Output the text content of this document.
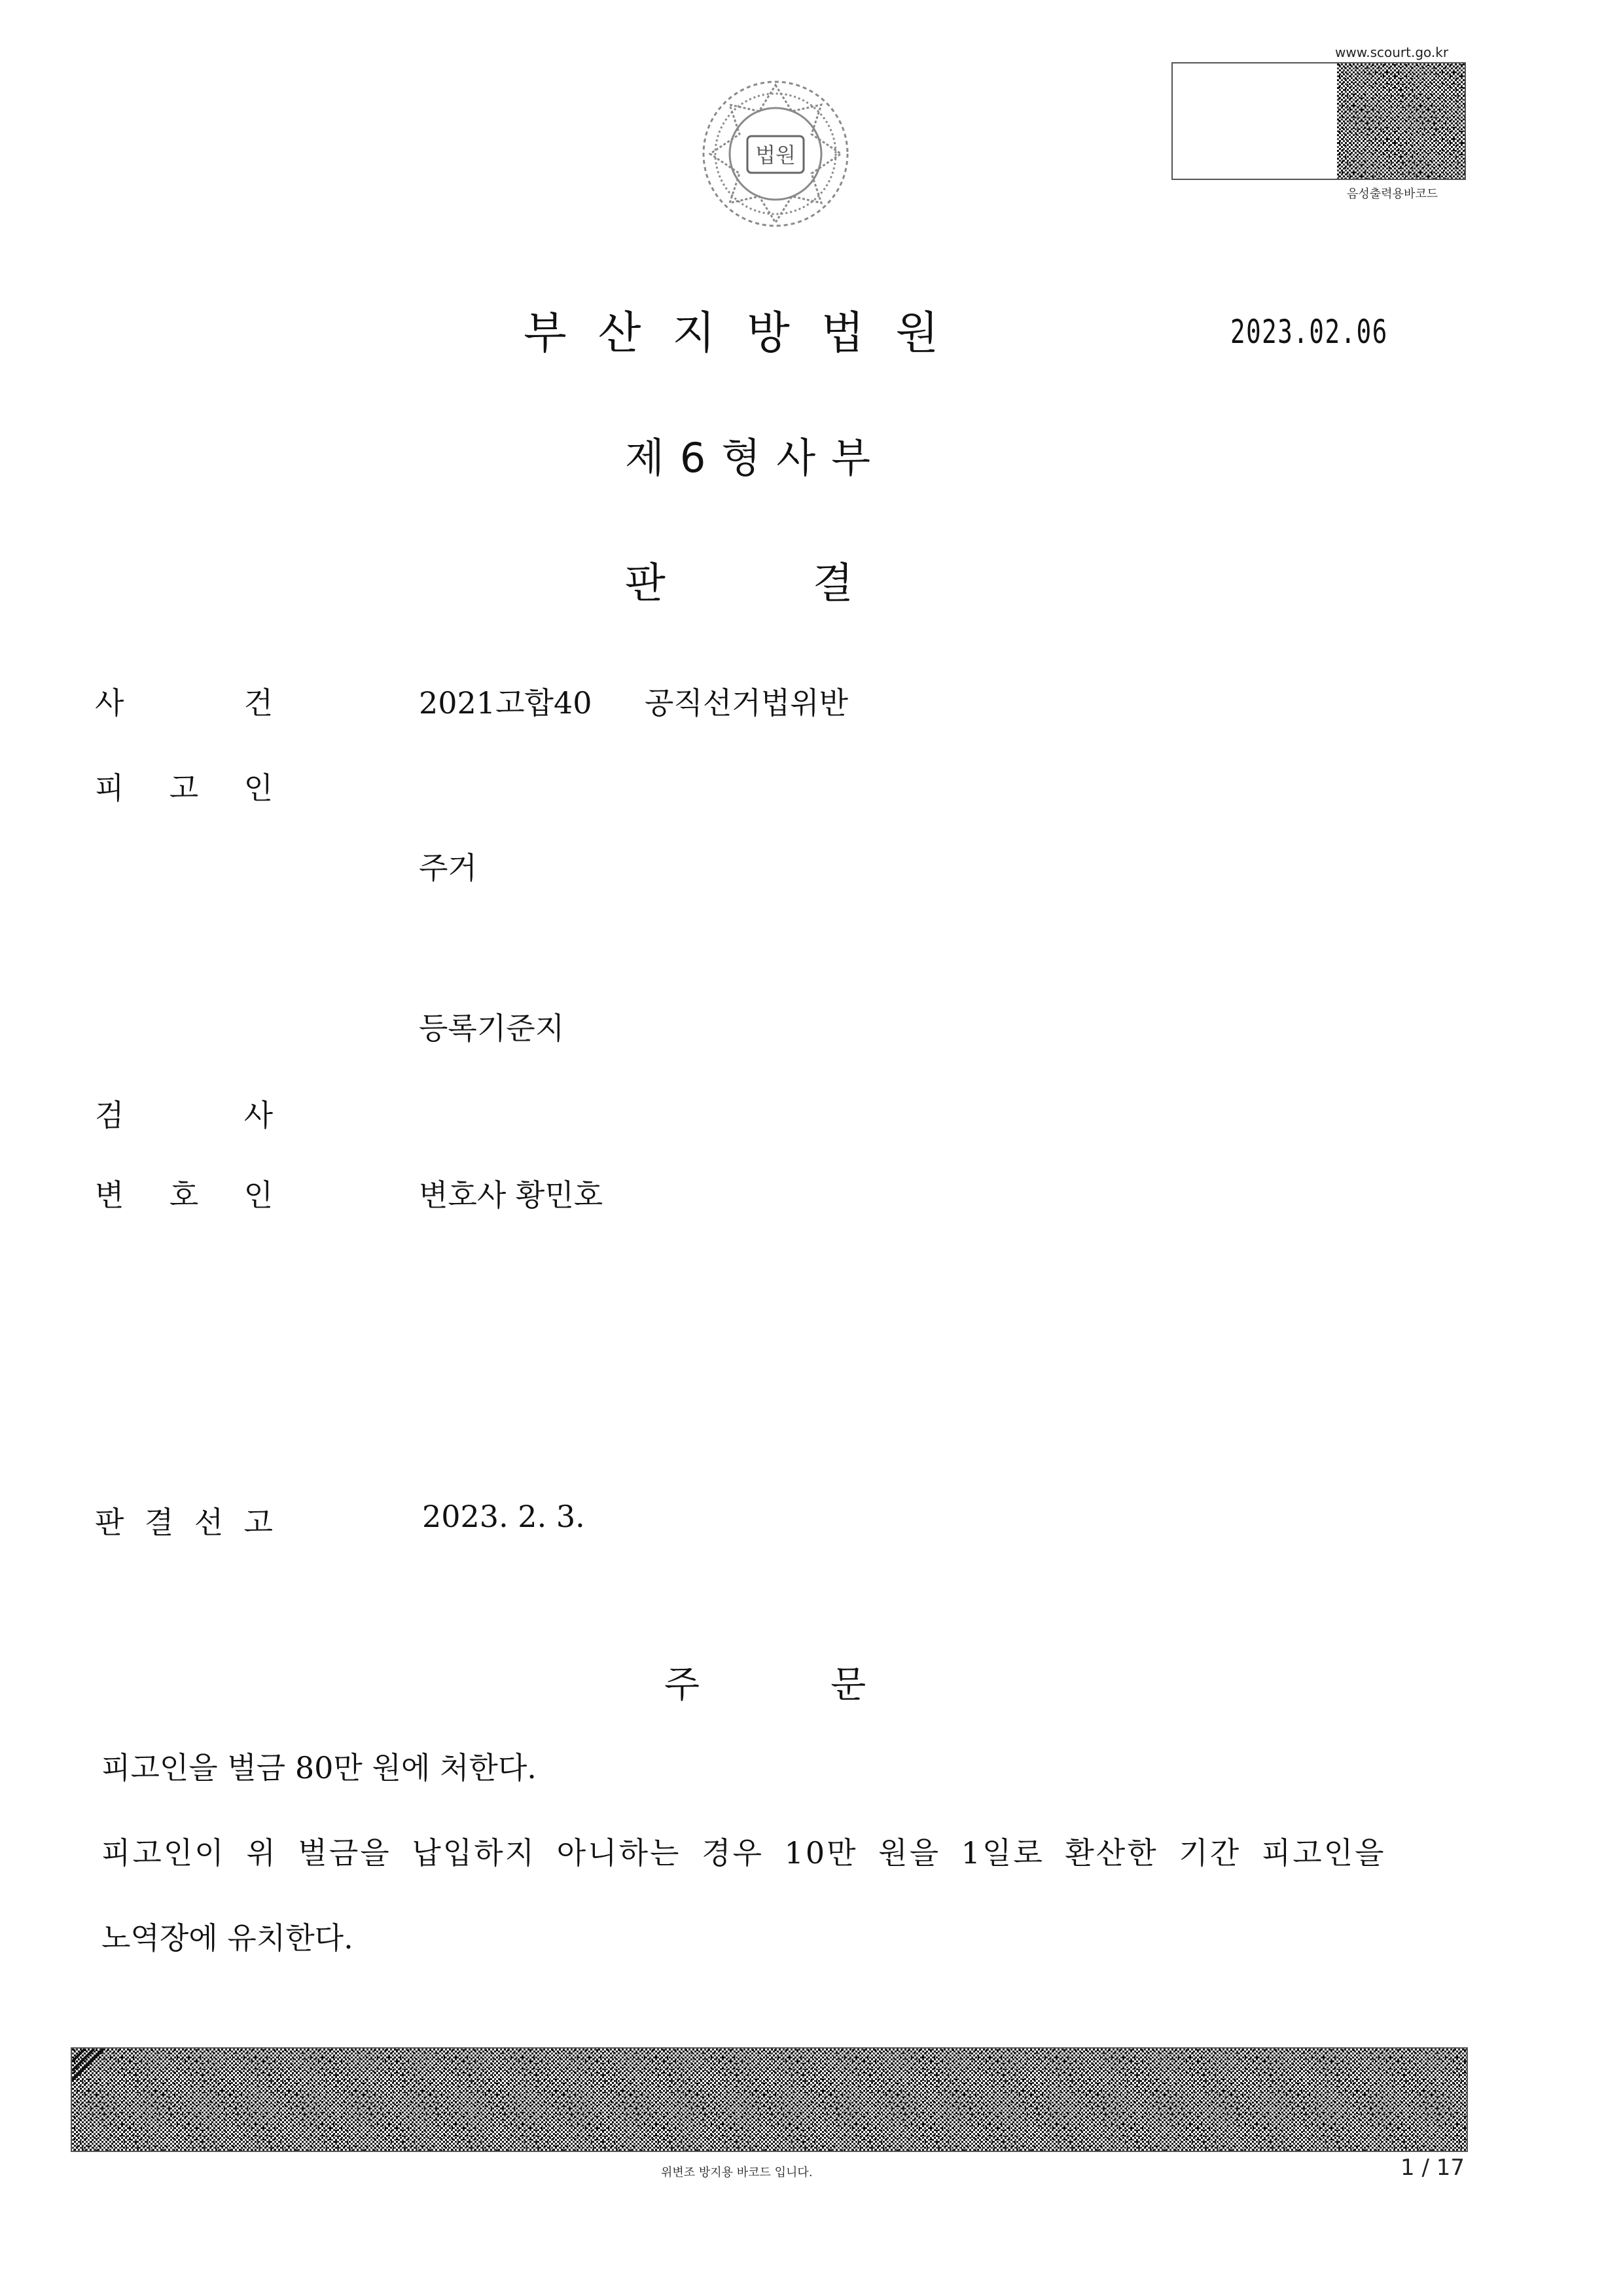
법원
www.scourt.go.kr
음성출력용바코드
부산지방법원	2023.02.06
제6형사부
판	결
사	건	2021고합40 공직선거법위반
피 고 인
주거
등록기준지
검	사
변 호 인	변호사 황민호
판 결 선 고	2023. 2. 3.
주	문
피고인을 벌금 80만 원에 처한다.
피고인이 위 벌금을 납입하지 아니하는 경우 10만 원을 1일로 환산한 기간 피고인을
노역장에 유치한다.
위변조 방지용 바코드 입니다.	1 / 17
